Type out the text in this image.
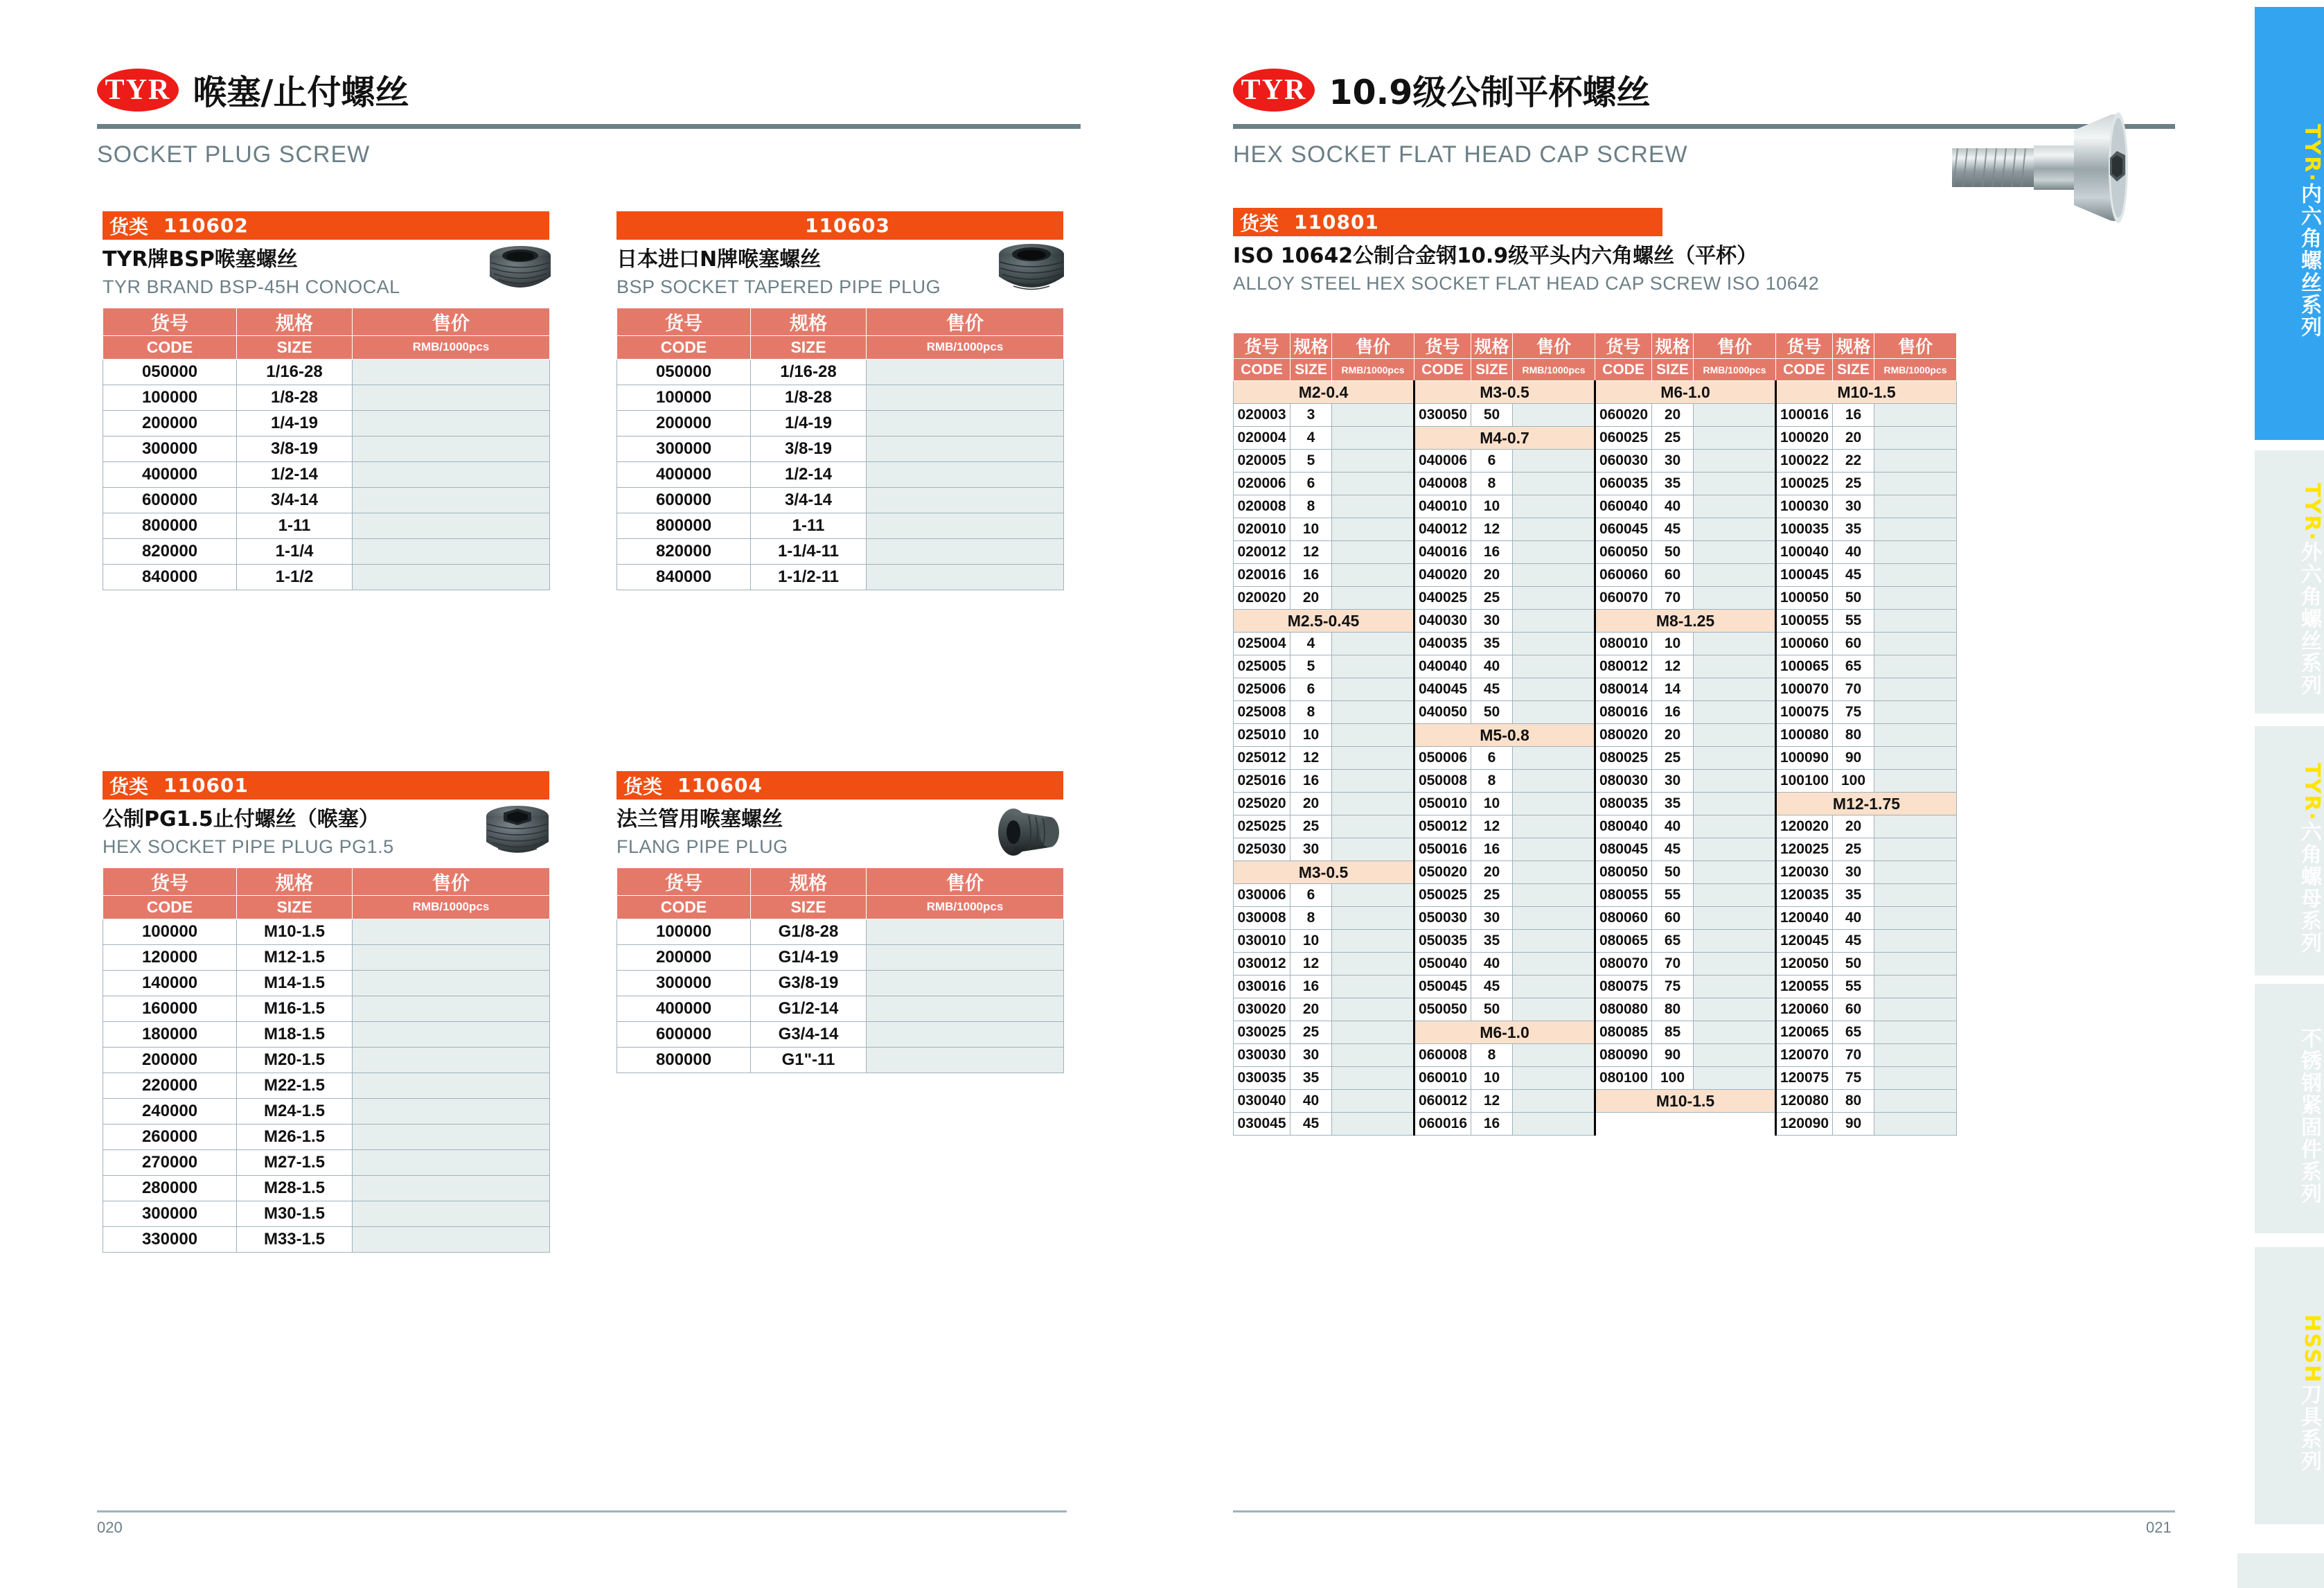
TYR 喉塞/止付螺丝
SOCKET PLUG SCREW
货类 110602
TYR牌BSP喉塞螺丝
TYR BRAND BSP-45H CONOCAL
货号	规格	售价
CODE	SIZE	RMB/1000pcs
050000	1/16-28	
100000	1/8-28	
200000	1/4-19	
300000	3/8-19	
400000	1/2-14	
600000	3/4-14	
800000	1-11	
820000	1-1/4	
840000	1-1/2	
货类 110601
公制PG1.5止付螺丝（喉塞）
HEX SOCKET PIPE PLUG PG1.5
货号	规格	售价
CODE	SIZE	RMB/1000pcs
100000	M10-1.5	
120000	M12-1.5	
140000	M14-1.5	
160000	M16-1.5	
180000	M18-1.5	
200000	M20-1.5	
220000	M22-1.5	
240000	M24-1.5	
260000	M26-1.5	
270000	M27-1.5	
280000	M28-1.5	
300000	M30-1.5	
330000	M33-1.5	
110603
日本进口N牌喉塞螺丝
BSP SOCKET TAPERED PIPE PLUG
货号	规格	售价
CODE	SIZE	RMB/1000pcs
050000	1/16-28	
100000	1/8-28	
200000	1/4-19	
300000	3/8-19	
400000	1/2-14	
600000	3/4-14	
800000	1-11	
820000	1-1/4-11	
840000	1-1/2-11	
货类 110604
法兰管用喉塞螺丝
FLANG PIPE PLUG
货号	规格	售价
CODE	SIZE	RMB/1000pcs
100000	G1/8-28	
200000	G1/4-19	
300000	G3/8-19	
400000	G1/2-14	
600000	G3/4-14	
800000	G1"-11	
020
TYR 10.9级公制平杯螺丝
HEX SOCKET FLAT HEAD CAP SCREW
货类 110801
ISO 10642公制合金钢10.9级平头内六角螺丝（平杯）
ALLOY STEEL HEX SOCKET FLAT HEAD CAP SCREW ISO 10642
货号	规格	售价	货号	规格	售价	货号	规格	售价	货号	规格	售价
CODE	SIZE	RMB/1000pcs	CODE	SIZE	RMB/1000pcs	CODE	SIZE	RMB/1000pcs	CODE	SIZE	RMB/1000pcs
M2-0.4			M3-0.5			M6-1.0			M10-1.5		
020003	3		030050	50		060020	20		100016	16	
020004	4		M4-0.7			060025	25		100020	20	
020005	5		040006	6		060030	30		100022	22	
020006	6		040008	8		060035	35		100025	25	
020008	8		040010	10		060040	40		100030	30	
020010	10		040012	12		060045	45		100035	35	
020012	12		040016	16		060050	50		100040	40	
020016	16		040020	20		060060	60		100045	45	
020020	20		040025	25		060070	70		100050	50	
M2.5-0.45			040030	30		M8-1.25			100055	55	
025004	4		040035	35		080010	10		100060	60	
025005	5		040040	40		080012	12		100065	65	
025006	6		040045	45		080014	14		100070	70	
025008	8		040050	50		080016	16		100075	75	
025010	10		M5-0.8			080020	20		100080	80	
025012	12		050006	6		080025	25		100090	90	
025016	16		050008	8		080030	30		100100	100	
025020	20		050010	10		080035	35		M12-1.75		
025025	25		050012	12		080040	40		120020	20	
025030	30		050016	16		080045	45		120025	25	
M3-0.5			050020	20		080050	50		120030	30	
030006	6		050025	25		080055	55		120035	35	
030008	8		050030	30		080060	60		120040	40	
030010	10		050035	35		080065	65		120045	45	
030012	12		050040	40		080070	70		120050	50	
030016	16		050045	45		080075	75		120055	55	
030020	20		050050	50		080080	80		120060	60	
030025	25		M6-1.0			080085	85		120065	65	
030030	30		060008	8		080090	90		120070	70	
030035	35		060010	10		080100	100		120075	75	
030040	40		060012	12		M10-1.5			120080	80	
030045	45		060016	16					120090	90	
021
TYR·
内六角螺丝系列
TYR·
外六角螺丝系列
TYR·
六角螺母系列
不锈钢紧固件系列
HSSH
刀具系列
